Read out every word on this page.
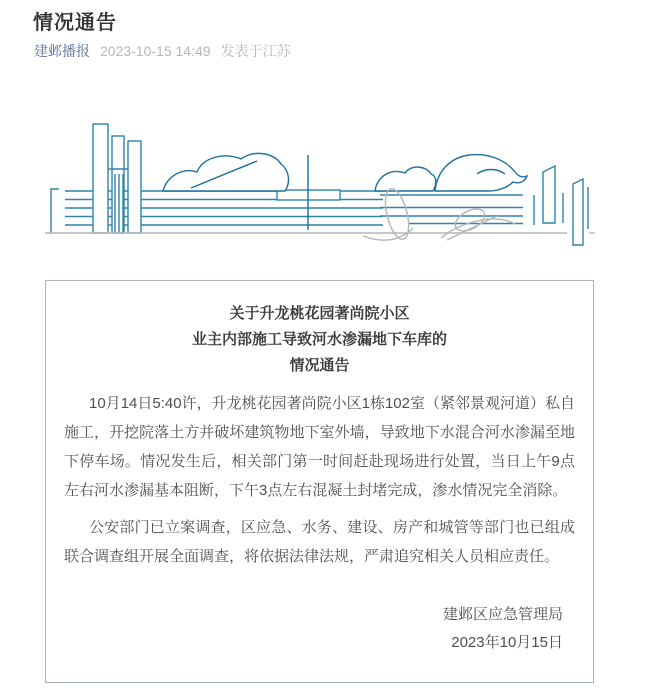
情况通告
建邺播报 2023-10-15 14:49 发表于江苏
关于升龙桃花园著尚院小区
业主内部施工导致河水渗漏地下车库的
情况通告

10月14日5:40许，升龙桃花园著尚院小区1栋102室（紧邻景观河道）私自施工，开挖院落土方并破坏建筑物地下室外墙，导致地下水混合河水渗漏至地下停车场。情况发生后，相关部门第一时间赶赴现场进行处置，当日上午9点左右河水渗漏基本阻断，下午3点左右混凝土封堵完成，渗水情况完全消除。

公安部门已立案调查，区应急、水务、建设、房产和城管等部门也已组成联合调查组开展全面调查，将依据法律法规，严肃追究相关人员相应责任。

建邺区应急管理局
2023年10月15日
